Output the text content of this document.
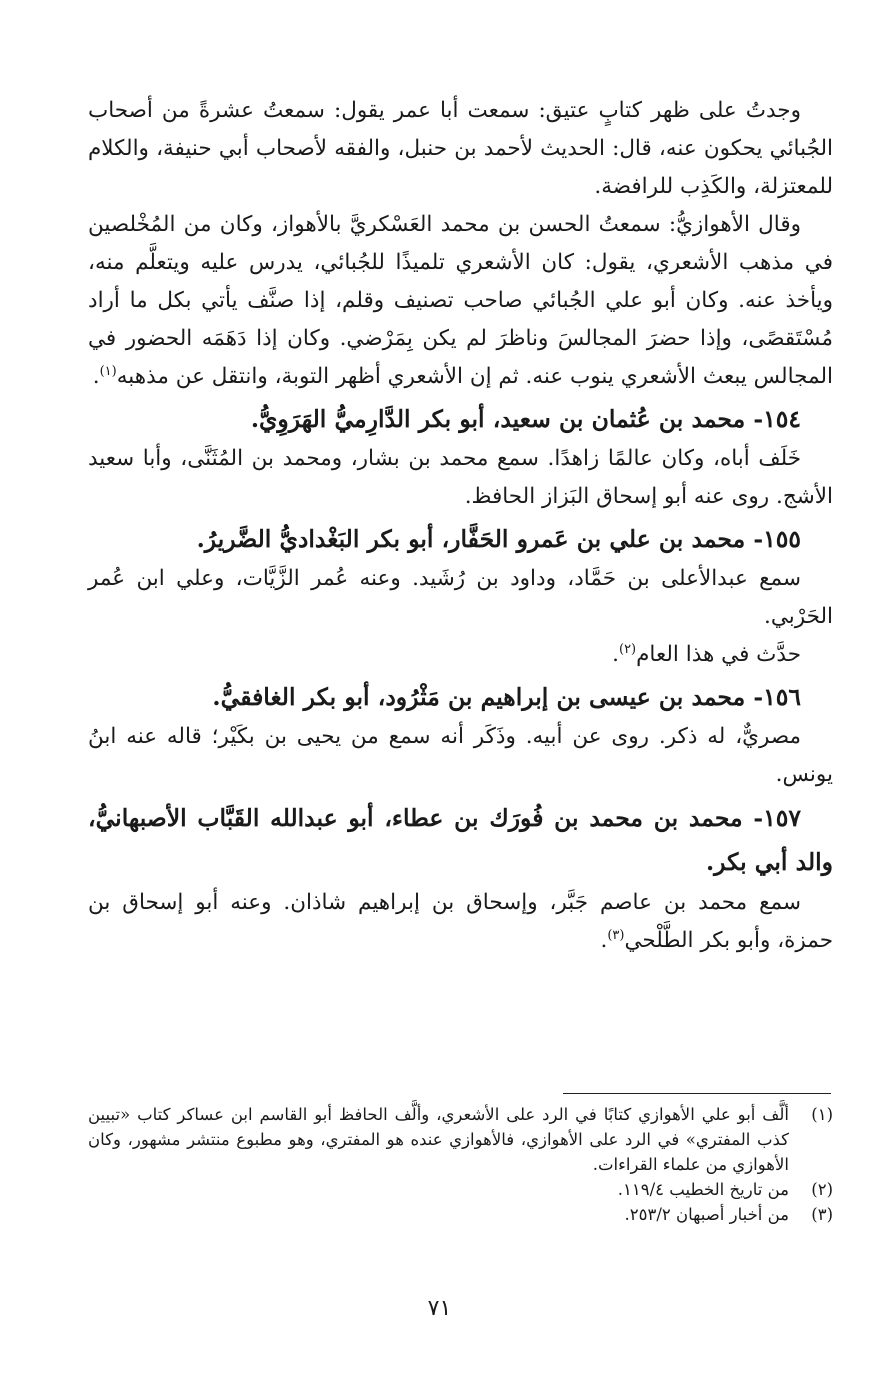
وجدتُ على ظهر كتابٍ عتيق: سمعت أبا عمر يقول: سمعتُ عشرةً من أصحاب الجُبائي يحكون عنه، قال: الحديث لأحمد بن حنبل، والفقه لأصحاب أبي حنيفة، والكلام للمعتزلة، والكَذِب للرافضة.

وقال الأهوازيُّ: سمعتُ الحسن بن محمد العَسْكريَّ بالأهواز، وكان من المُخْلصين في مذهب الأشعري، يقول: كان الأشعري تلميذًا للجُبائي، يدرس عليه ويتعلَّم منه، ويأخذ عنه. وكان أبو علي الجُبائي صاحب تصنيف وقلم، إذا صنَّف يأتي بكل ما أراد مُسْتَقصًى، وإذا حضرَ المجالسَ وناظرَ لم يكن بِمَرْضي. وكان إذا دَهَمَه الحضور في المجالس يبعث الأشعري ينوب عنه. ثم إن الأشعري أظهر التوبة، وانتقل عن مذهبه$^{(١)}$.

١٥٤- محمد بن عُثمان بن سعيد، أبو بكر الدَّارِميُّ الهَرَوِيُّ.

خَلَف أباه، وكان عالمًا زاهدًا. سمع محمد بن بشار، ومحمد بن المُثَنَّى، وأبا سعيد الأشج. روى عنه أبو إسحاق البَزاز الحافظ.

١٥٥- محمد بن علي بن عَمرو الحَفَّار، أبو بكر البَغْداديُّ الضَّريرُ.

سمع عبدالأعلى بن حَمَّاد، وداود بن رُشَيد. وعنه عُمر الزَّيَّات، وعلي ابن عُمر الحَرْبي.

حدَّث في هذا العام$^{(٢)}$.

١٥٦- محمد بن عيسى بن إبراهيم بن مَثْرُود، أبو بكر الغافقيُّ.

مصريٌّ، له ذكر. روى عن أبيه. وذَكَر أنه سمع من يحيى بن بكَيْر؛ قاله عنه ابنُ يونس.

١٥٧- محمد بن محمد بن فُورَك بن عطاء، أبو عبدالله القَبَّاب الأصبهانيُّ، والد أبي بكر.

سمع محمد بن عاصم جَبَّر، وإسحاق بن إبراهيم شاذان. وعنه أبو إسحاق بن حمزة، وأبو بكر الطَّلْحي$^{(٣)}$.

(١)
ألَّف أبو علي الأهوازي كتابًا في الرد على الأشعري، وألَّف الحافظ أبو القاسم ابن عساكر كتاب «تبيين كذب المفتري» في الرد على الأهوازي، فالأهوازي عنده هو المفتري، وهو مطبوع منتشر مشهور، وكان الأهوازي من علماء القراءات.
(٢)
من تاريخ الخطيب ١١٩/٤.
(٣)
من أخبار أصبهان ٢٥٣/٢.
٧١
